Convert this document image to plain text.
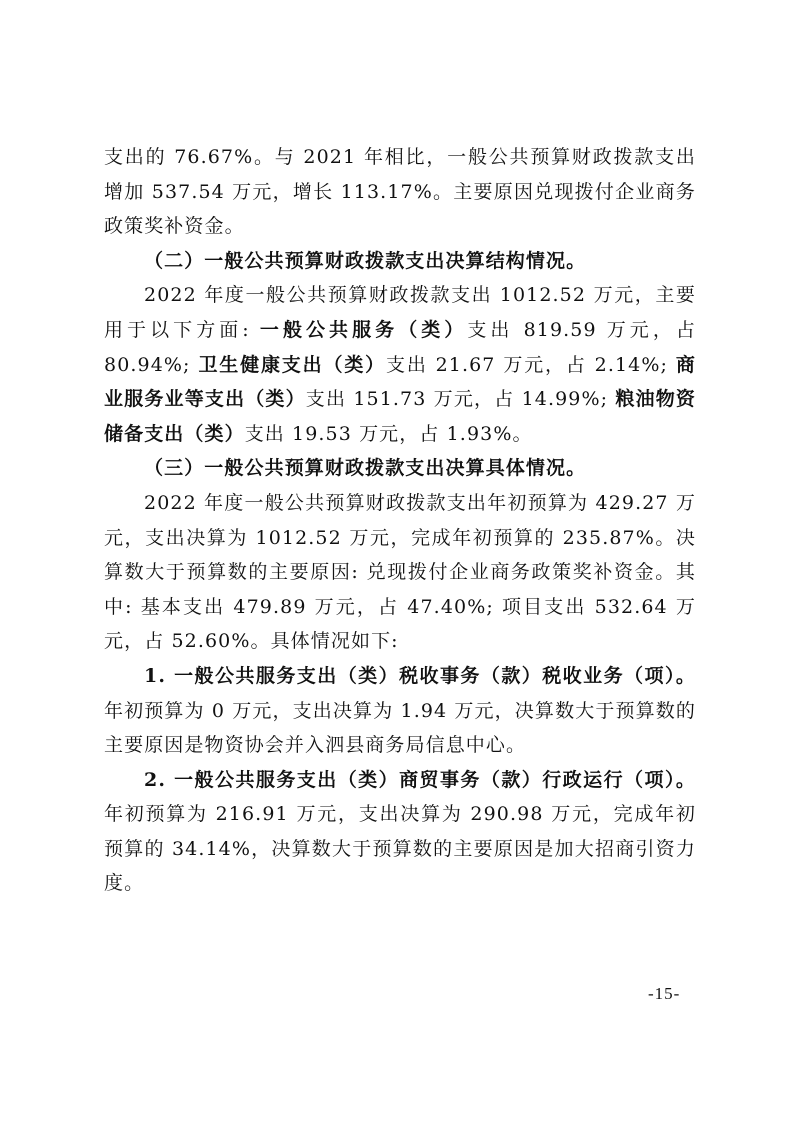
支出的 76.67%。与 2021 年相比，一般公共预算财政拨款支出增加 537.54 万元，增长 113.17%。主要原因兑现拨付企业商务政策奖补资金。

（二）一般公共预算财政拨款支出决算结构情况。

2022 年度一般公共预算财政拨款支出 1012.52 万元，主要用于以下方面: 一般公共服务（类）支出 819.59 万元，占 80.94%; 卫生健康支出（类）支出 21.67 万元，占 2.14%; 商业服务业等支出（类）支出 151.73 万元，占 14.99%; 粮油物资储备支出（类）支出 19.53 万元，占 1.93%。

（三）一般公共预算财政拨款支出决算具体情况。

2022 年度一般公共预算财政拨款支出年初预算为 429.27 万元，支出决算为 1012.52 万元，完成年初预算的 235.87%。决算数大于预算数的主要原因: 兑现拨付企业商务政策奖补资金。其中: 基本支出 479.89 万元，占 47.40%; 项目支出 532.64 万元，占 52.60%。具体情况如下:

1. 一般公共服务支出（类）税收事务（款）税收业务（项）。年初预算为 0 万元，支出决算为 1.94 万元，决算数大于预算数的主要原因是物资协会并入泗县商务局信息中心。

2. 一般公共服务支出（类）商贸事务（款）行政运行（项）。年初预算为 216.91 万元，支出决算为 290.98 万元，完成年初预算的 34.14%，决算数大于预算数的主要原因是加大招商引资力度。

-15-
